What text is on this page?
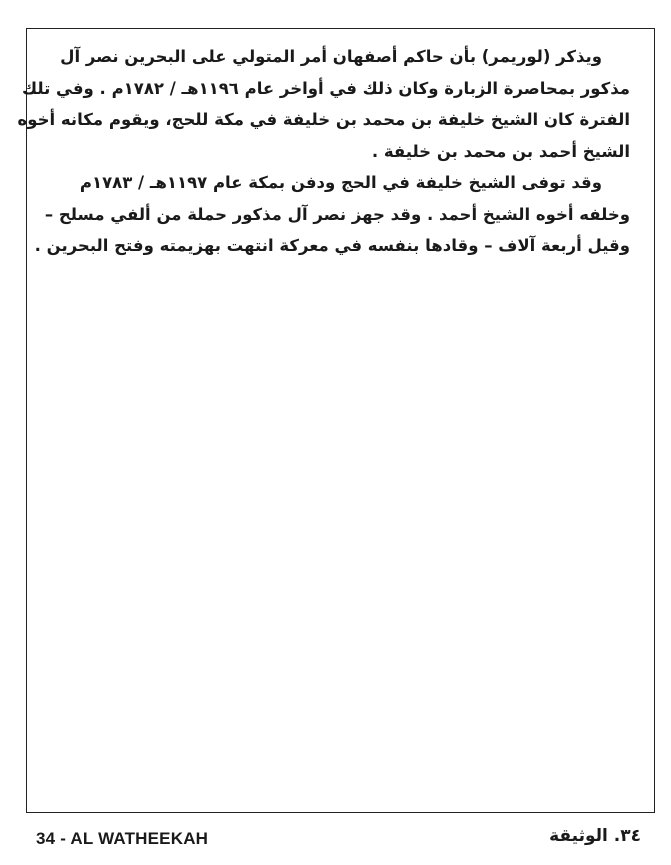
ويذكر (لوريمر) بأن حاكم أصفهان أمر المتولي على البحرين نصر آل
مذكور بمحاصرة الزبارة وكان ذلك في أواخر عام ١١٩٦هـ / ١٧٨٢م . وفي تلك
الفترة كان الشيخ خليفة بن محمد بن خليفة في مكة للحج، ويقوم مكانه أخوه
الشيخ أحمد بن محمد بن خليفة .
وقد توفى الشيخ خليفة في الحج ودفن بمكة عام ١١٩٧هـ / ١٧٨٣م
وخلفه أخوه الشيخ أحمد . وقد جهز نصر آل مذكور حملة من ألفي مسلح –
وقيل أربعة آلاف – وقادها بنفسه في معركة انتهت بهزيمته وفتح البحرين .
34 - AL WATHEEKAH	٣٤. الوثيقة
